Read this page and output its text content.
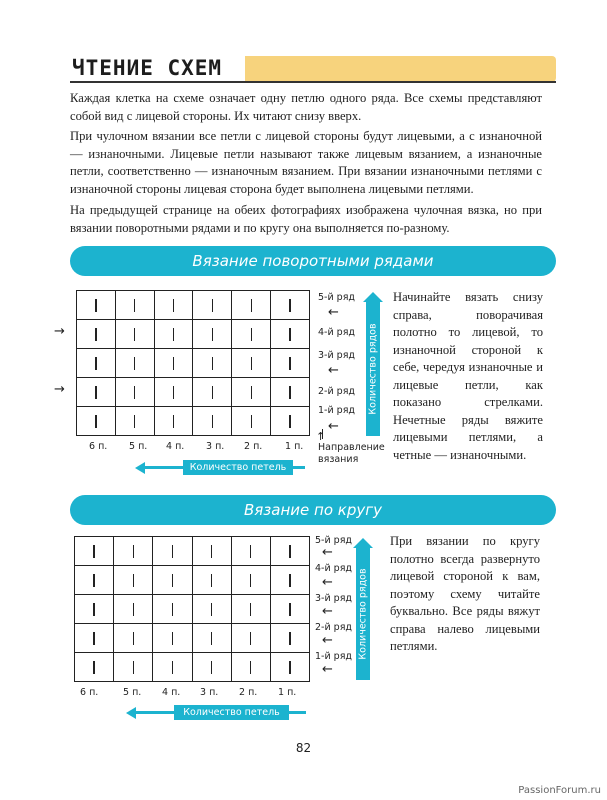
ЧТЕНИЕ СХЕМ

Каждая клетка на схеме означает одну петлю одного ряда. Все схемы представляют собой вид с лицевой стороны. Их читают снизу вверх.

При чулочном вязании все петли с лицевой стороны будут лицевыми, а с изнаночной — изнаночными. Лицевые петли называют также лицевым вязанием, а изнаночные петли, соответственно — изнаночным вязанием. При вязании изнаночными петлями с изнаночной стороны лицевая сторона будет выполнена лицевыми петлями.

На предыдущей странице на обеих фотографиях изображена чулочная вязка, но при вязании поворотными рядами и по кругу она выполняется по-разному.

Вязание поворотными рядами
→
→
5-й ряд
4-й ряд
3-й ряд
2-й ряд
1-й ряд
←
←
←
6 п. 5 п. 4 п. 3 п. 2 п. 1 п.
↑
Направление вязания
Количество рядов
Количество петель

Начинайте вязать снизу справа, поворачивая полотно то лицевой, то изнаночной стороной к себе, чередуя изнаночные и лицевые петли, как показано стрелками. Нечетные ряды вяжите лицевыми петлями, а четные — изнаночными.

Вязание по кругу
5-й ряд
4-й ряд
3-й ряд
2-й ряд
1-й ряд
←
←
←
←
←
6 п.	5 п. 4 п. 3 п. 2 п. 1 п.
Количество рядов
Количество петель

При вязании по кругу полотно всегда развернуто лицевой стороной к вам, поэтому схему читайте буквально. Все ряды вяжут справа налево лицевыми петлями.

82
PassionForum.ru
